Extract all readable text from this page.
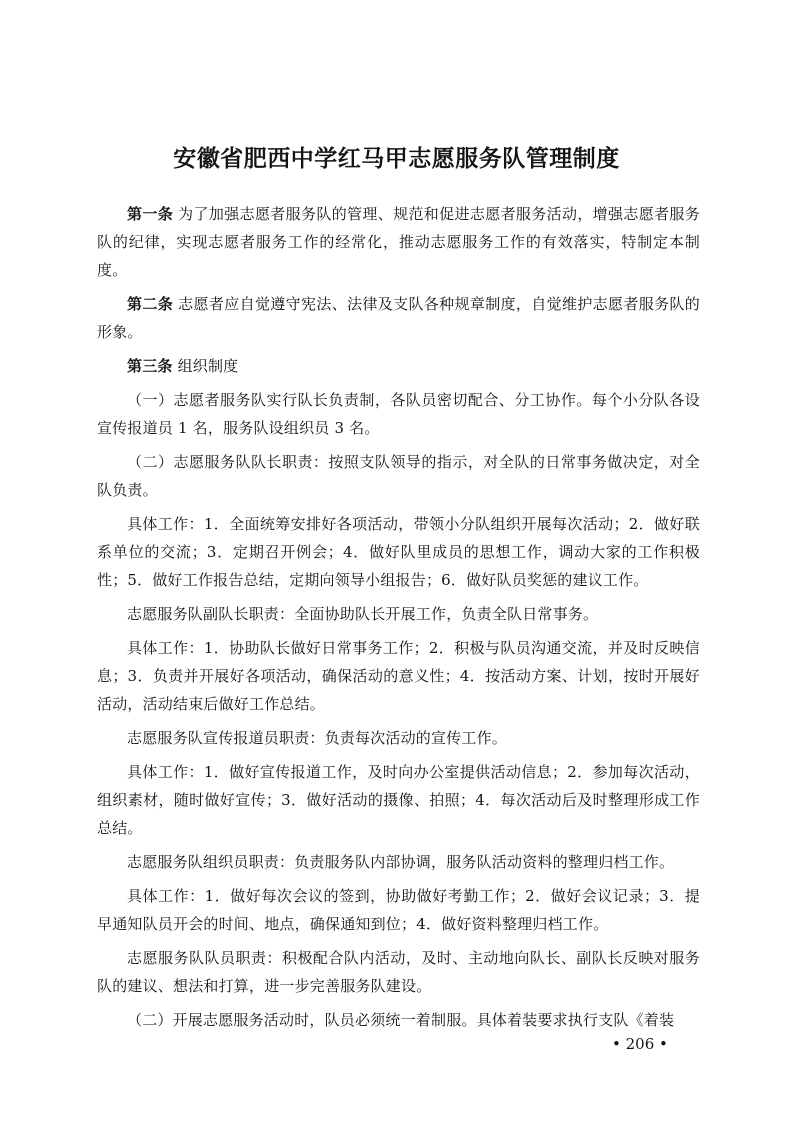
安徽省肥西中学红马甲志愿服务队管理制度

第一条 为了加强志愿者服务队的管理、规范和促进志愿者服务活动，增强志愿者服务队的纪律，实现志愿者服务工作的经常化，推动志愿服务工作的有效落实，特制定本制度。

第二条 志愿者应自觉遵守宪法、法律及支队各种规章制度，自觉维护志愿者服务队的形象。

第三条 组织制度

（一）志愿者服务队实行队长负责制，各队员密切配合、分工协作。每个小分队各设宣传报道员 1 名，服务队设组织员 3 名。

（二）志愿服务队队长职责：按照支队领导的指示，对全队的日常事务做决定，对全队负责。

具体工作：1．全面统筹安排好各项活动，带领小分队组织开展每次活动；2．做好联系单位的交流；3．定期召开例会；4．做好队里成员的思想工作，调动大家的工作积极性；5．做好工作报告总结，定期向领导小组报告；6．做好队员奖惩的建议工作。

志愿服务队副队长职责：全面协助队长开展工作，负责全队日常事务。

具体工作：1．协助队长做好日常事务工作；2．积极与队员沟通交流，并及时反映信息；3．负责并开展好各项活动，确保活动的意义性；4．按活动方案、计划，按时开展好活动，活动结束后做好工作总结。

志愿服务队宣传报道员职责：负责每次活动的宣传工作。

具体工作：1．做好宣传报道工作，及时向办公室提供活动信息；2．参加每次活动，组织素材，随时做好宣传；3．做好活动的摄像、拍照；4．每次活动后及时整理形成工作总结。

志愿服务队组织员职责：负责服务队内部协调，服务队活动资料的整理归档工作。

具体工作：1．做好每次会议的签到，协助做好考勤工作；2．做好会议记录；3．提早通知队员开会的时间、地点，确保通知到位；4．做好资料整理归档工作。

志愿服务队队员职责：积极配合队内活动，及时、主动地向队长、副队长反映对服务队的建议、想法和打算，进一步完善服务队建设。

（二）开展志愿服务活动时，队员必须统一着制服。具体着装要求执行支队《着装

• 206 •
